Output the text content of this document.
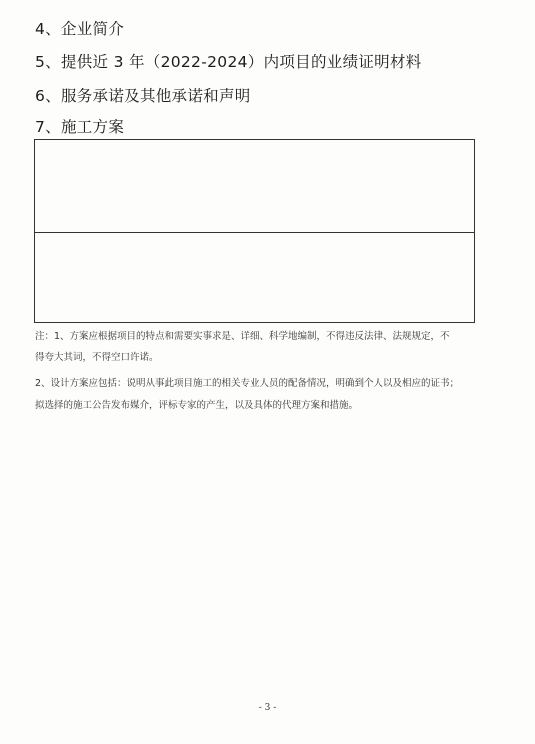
4、企业简介
5、提供近 3 年（2022-2024）内项目的业绩证明材料
6、服务承诺及其他承诺和声明
7、施工方案
注：1、方案应根据项目的特点和需要实事求是、详细、科学地编制，不得违反法律、法规规定，不
得夸大其词，不得空口许诺。
2、设计方案应包括：说明从事此项目施工的相关专业人员的配备情况，明确到个人以及相应的证书；
拟选择的施工公告发布媒介，评标专家的产生，以及具体的代理方案和措施。
- 3 -
